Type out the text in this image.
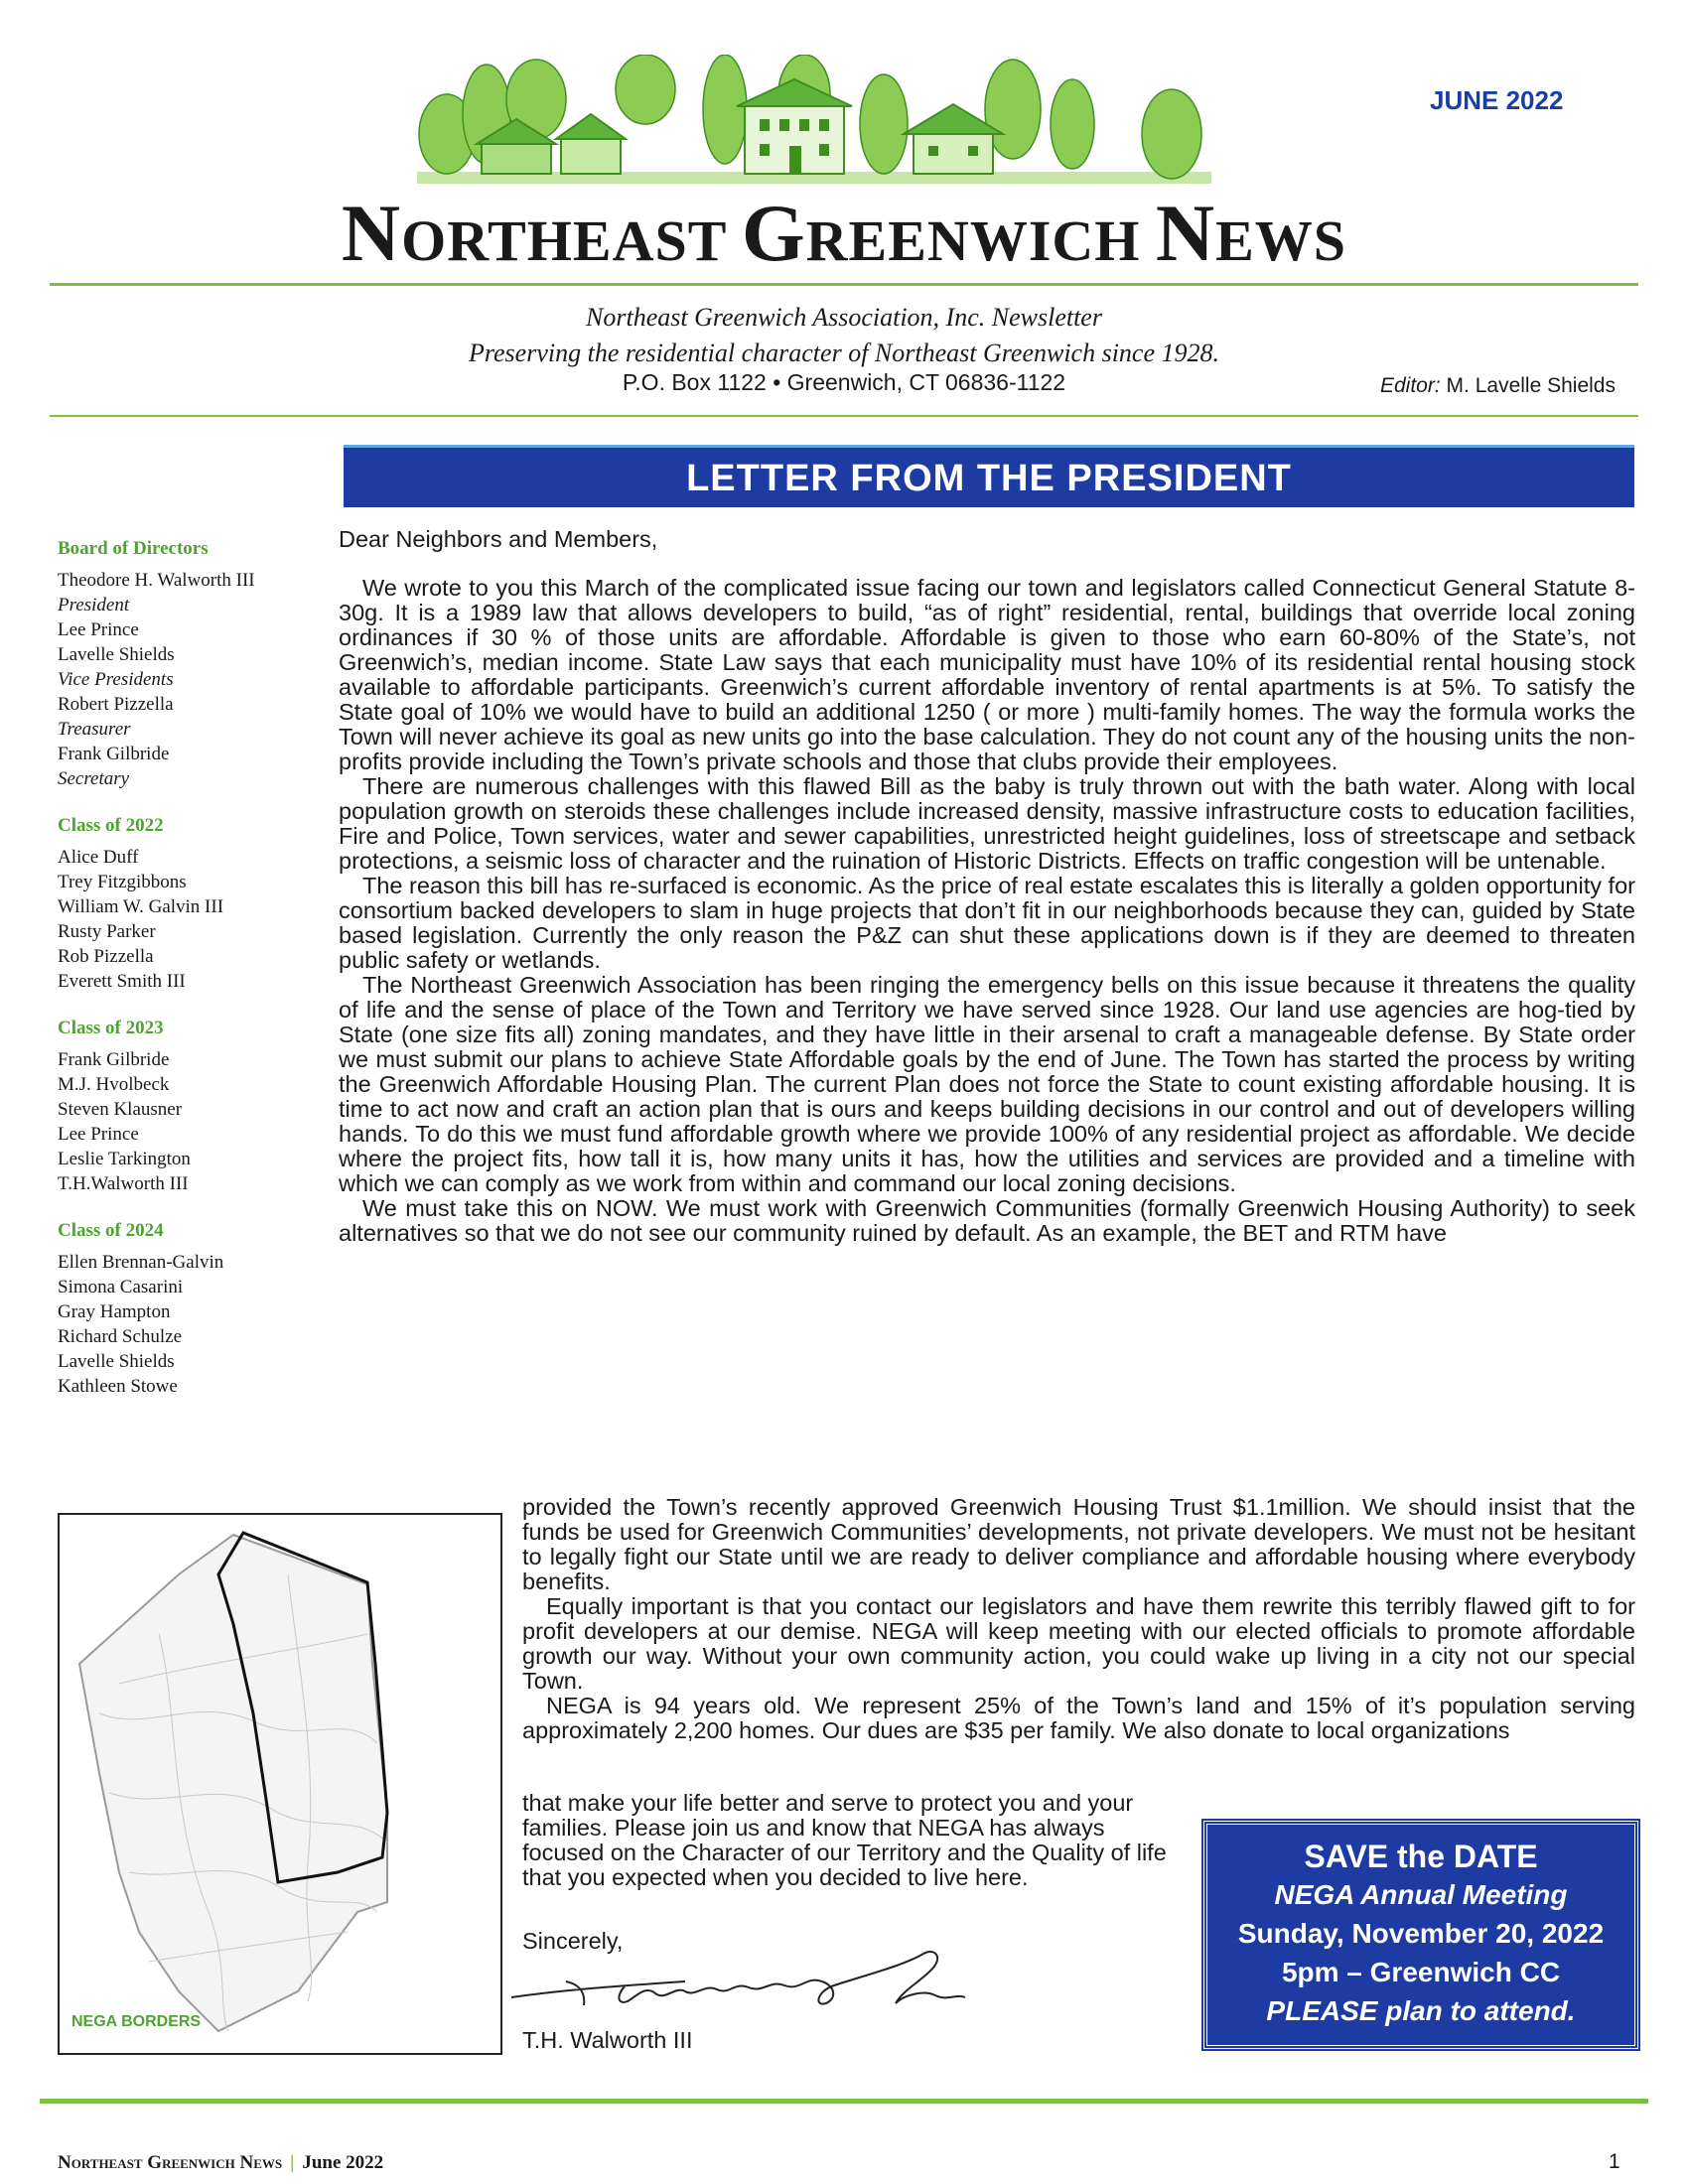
JUNE 2022
NORTHEAST GREENWICH NEWS
Northeast Greenwich Association, Inc. Newsletter
Preserving the residential character of Northeast Greenwich since 1928.
P.O. Box 1122 • Greenwich, CT 06836-1122	Editor: M. Lavelle Shields
LETTER FROM THE PRESIDENT
Board of Directors
Theodore H. Walworth III
President
Lee Prince
Lavelle Shields
Vice Presidents
Robert Pizzella
Treasurer
Frank Gilbride
Secretary
Class of 2022
Alice Duff
Trey Fitzgibbons
William W. Galvin III
Rusty Parker
Rob Pizzella
Everett Smith III
Class of 2023
Frank Gilbride
M.J. Hvolbeck
Steven Klausner
Lee Prince
Leslie Tarkington
T.H.Walworth III
Class of 2024
Ellen Brennan-Galvin
Simona Casarini
Gray Hampton
Richard Schulze
Lavelle Shields
Kathleen Stowe
Dear Neighbors and Members,

We wrote to you this March of the complicated issue facing our town and legislators called Connecticut General Statute 8-30g. It is a 1989 law that allows developers to build, “as of right” residential, rental, buildings that override local zoning ordinances if 30 % of those units are affordable. Affordable is given to those who earn 60-80% of the State’s, not Greenwich’s, median income. State Law says that each municipality must have 10% of its residential rental housing stock available to affordable participants. Greenwich’s current affordable inventory of rental apartments is at 5%. To satisfy the State goal of 10% we would have to build an additional 1250 ( or more ) multi-family homes. The way the formula works the Town will never achieve its goal as new units go into the base calculation. They do not count any of the housing units the non-profits provide including the Town’s private schools and those that clubs provide their employees.

There are numerous challenges with this flawed Bill as the baby is truly thrown out with the bath water. Along with local population growth on steroids these challenges include increased density, massive infrastructure costs to education facilities, Fire and Police, Town services, water and sewer capabilities, unrestricted height guidelines, loss of streetscape and setback protections, a seismic loss of character and the ruination of Historic Districts. Effects on traffic congestion will be untenable.

The reason this bill has re-surfaced is economic. As the price of real estate escalates this is literally a golden opportunity for consortium backed developers to slam in huge projects that don’t fit in our neighborhoods because they can, guided by State based legislation. Currently the only reason the P&Z can shut these applications down is if they are deemed to threaten public safety or wetlands.

The Northeast Greenwich Association has been ringing the emergency bells on this issue because it threatens the quality of life and the sense of place of the Town and Territory we have served since 1928. Our land use agencies are hog-tied by State (one size fits all) zoning mandates, and they have little in their arsenal to craft a manageable defense. By State order we must submit our plans to achieve State Affordable goals by the end of June. The Town has started the process by writing the Greenwich Affordable Housing Plan. The current Plan does not force the State to count existing affordable housing. It is time to act now and craft an action plan that is ours and keeps building decisions in our control and out of developers willing hands. To do this we must fund affordable growth where we provide 100% of any residential project as affordable. We decide where the project fits, how tall it is, how many units it has, how the utilities and services are provided and a timeline with which we can comply as we work from within and command our local zoning decisions.

We must take this on NOW. We must work with Greenwich Communities (formally Greenwich Housing Authority) to seek alternatives so that we do not see our community ruined by default. As an example, the BET and RTM have

provided the Town’s recently approved Greenwich Housing Trust $1.1million. We should insist that the funds be used for Greenwich Communities’ developments, not private developers. We must not be hesitant to legally fight our State until we are ready to deliver compliance and affordable housing where everybody benefits.

Equally important is that you contact our legislators and have them rewrite this terribly flawed gift to for profit developers at our demise. NEGA will keep meeting with our elected officials to promote affordable growth our way. Without your own community action, you could wake up living in a city not our special Town.

NEGA is 94 years old. We represent 25% of the Town’s land and 15% of it’s population serving approximately 2,200 homes. Our dues are $35 per family. We also donate to local organizations

that make your life better and serve to protect you and your families. Please join us and know that NEGA has always focused on the Character of our Territory and the Quality of life that you expected when you decided to live here.

Sincerely,
T.H. Walworth III
NEGA BORDERS
SAVE the DATE
NEGA Annual Meeting
Sunday, November 20, 2022
5pm – Greenwich CC
PLEASE plan to attend.
Northeast Greenwich News | June 2022	1
